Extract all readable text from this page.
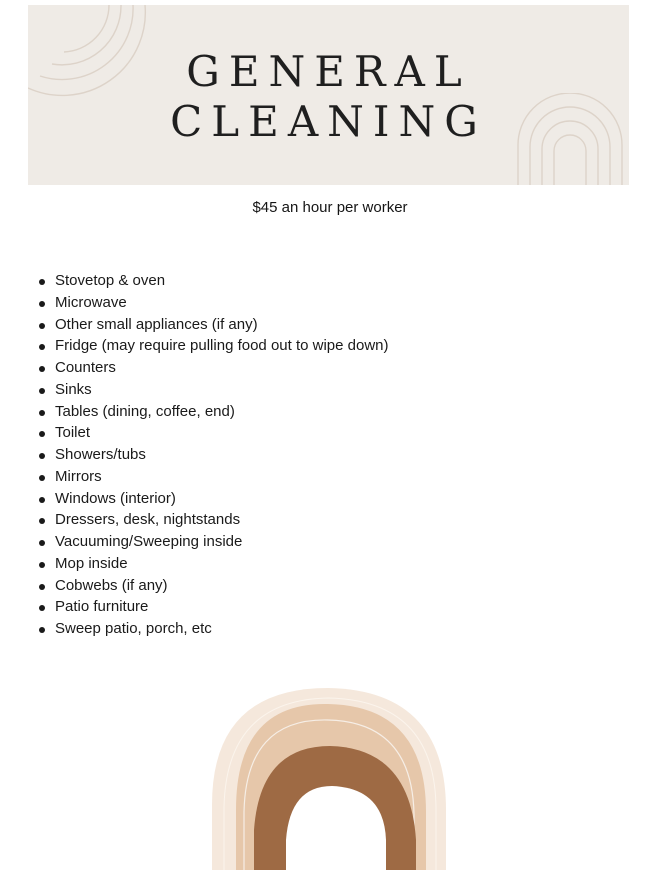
GENERAL
CLEANING
$45 an hour per worker
Stovetop & oven
Microwave
Other small appliances (if any)
Fridge (may require pulling food out to wipe down)
Counters
Sinks
Tables (dining, coffee, end)
Toilet
Showers/tubs
Mirrors
Windows (interior)
Dressers, desk, nightstands
Vacuuming/Sweeping inside
Mop inside
Cobwebs (if any)
Patio furniture
Sweep patio, porch, etc
